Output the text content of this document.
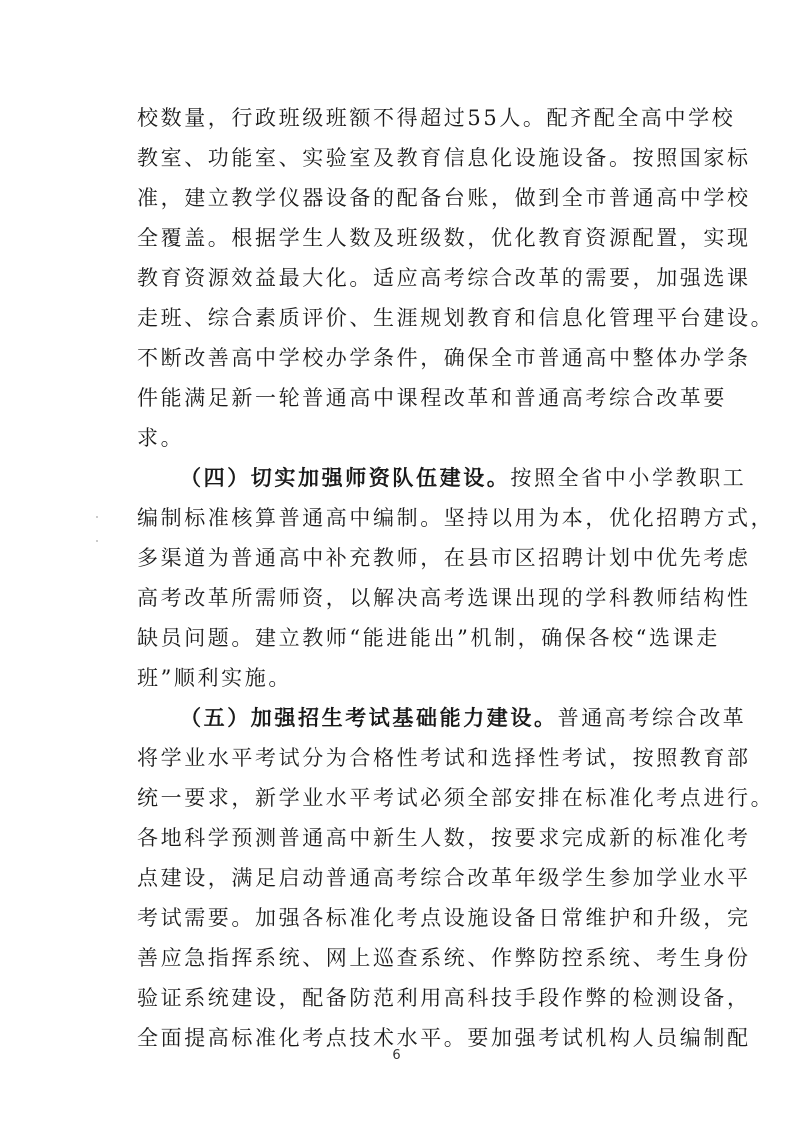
校数量，行政班级班额不得超过55人。配齐配全高中学校
教室、功能室、实验室及教育信息化设施设备。按照国家标
准，建立教学仪器设备的配备台账，做到全市普通高中学校
全覆盖。根据学生人数及班级数，优化教育资源配置，实现
教育资源效益最大化。适应高考综合改革的需要，加强选课
走班、综合素质评价、生涯规划教育和信息化管理平台建设。
不断改善高中学校办学条件，确保全市普通高中整体办学条
件能满足新一轮普通高中课程改革和普通高考综合改革要
求。
（四）切实加强师资队伍建设。按照全省中小学教职工
编制标准核算普通高中编制。坚持以用为本，优化招聘方式，
多渠道为普通高中补充教师，在县市区招聘计划中优先考虑
高考改革所需师资，以解决高考选课出现的学科教师结构性
缺员问题。建立教师“能进能出”机制，确保各校“选课走
班”顺利实施。
（五）加强招生考试基础能力建设。普通高考综合改革
将学业水平考试分为合格性考试和选择性考试，按照教育部
统一要求，新学业水平考试必须全部安排在标准化考点进行。
各地科学预测普通高中新生人数，按要求完成新的标准化考
点建设，满足启动普通高考综合改革年级学生参加学业水平
考试需要。加强各标准化考点设施设备日常维护和升级，完
善应急指挥系统、网上巡查系统、作弊防控系统、考生身份
验证系统建设，配备防范利用高科技手段作弊的检测设备，
全面提高标准化考点技术水平。要加强考试机构人员编制配
6
